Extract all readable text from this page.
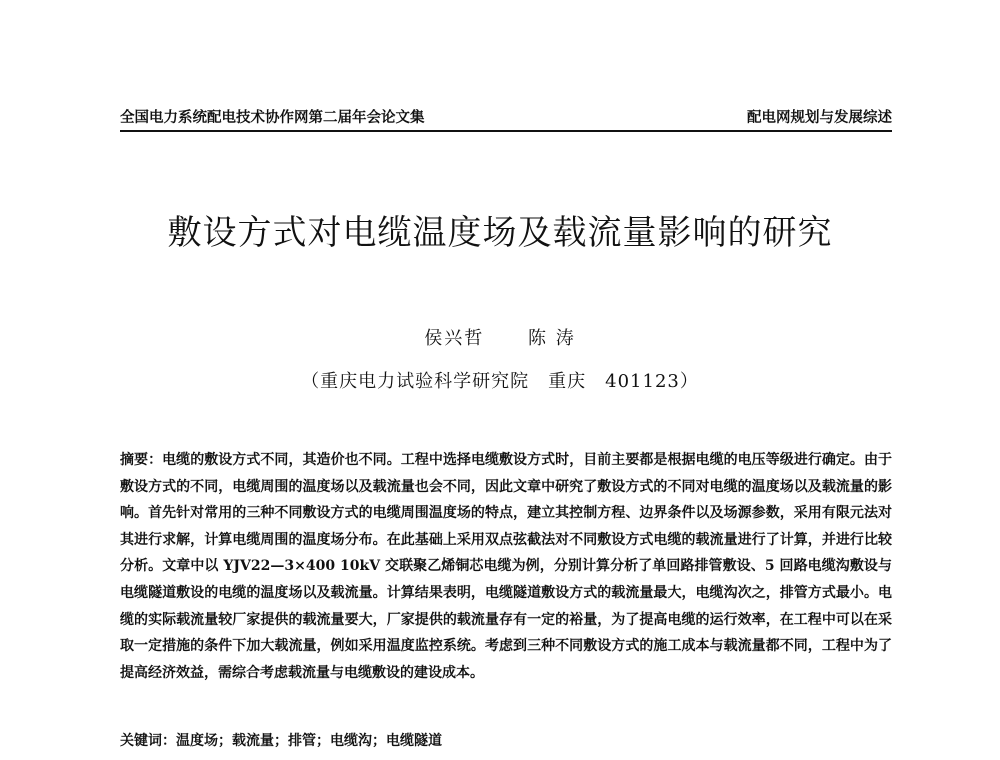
全国电力系统配电技术协作网第二届年会论文集	配电网规划与发展综述
敷设方式对电缆温度场及载流量影响的研究
侯兴哲 陈 涛
（重庆电力试验科学研究院　重庆　401123）
摘要：电缆的敷设方式不同，其造价也不同。工程中选择电缆敷设方式时，目前主要都是根据电缆的电压等级进行确定。由于敷设方式的不同，电缆周围的温度场以及载流量也会不同，因此文章中研究了敷设方式的不同对电缆的温度场以及载流量的影响。首先针对常用的三种不同敷设方式的电缆周围温度场的特点，建立其控制方程、边界条件以及场源参数，采用有限元法对其进行求解，计算电缆周围的温度场分布。在此基础上采用双点弦截法对不同敷设方式电缆的载流量进行了计算，并进行比较分析。文章中以 YJV22—3×400 10kV 交联聚乙烯铜芯电缆为例，分别计算分析了单回路排管敷设、5 回路电缆沟敷设与电缆隧道敷设的电缆的温度场以及载流量。计算结果表明，电缆隧道敷设方式的载流量最大，电缆沟次之，排管方式最小。电缆的实际载流量较厂家提供的载流量要大，厂家提供的载流量存有一定的裕量，为了提高电缆的运行效率，在工程中可以在采取一定措施的条件下加大载流量，例如采用温度监控系统。考虑到三种不同敷设方式的施工成本与载流量都不同，工程中为了提高经济效益，需综合考虑载流量与电缆敷设的建设成本。
关键词：温度场；载流量；排管；电缆沟；电缆隧道
